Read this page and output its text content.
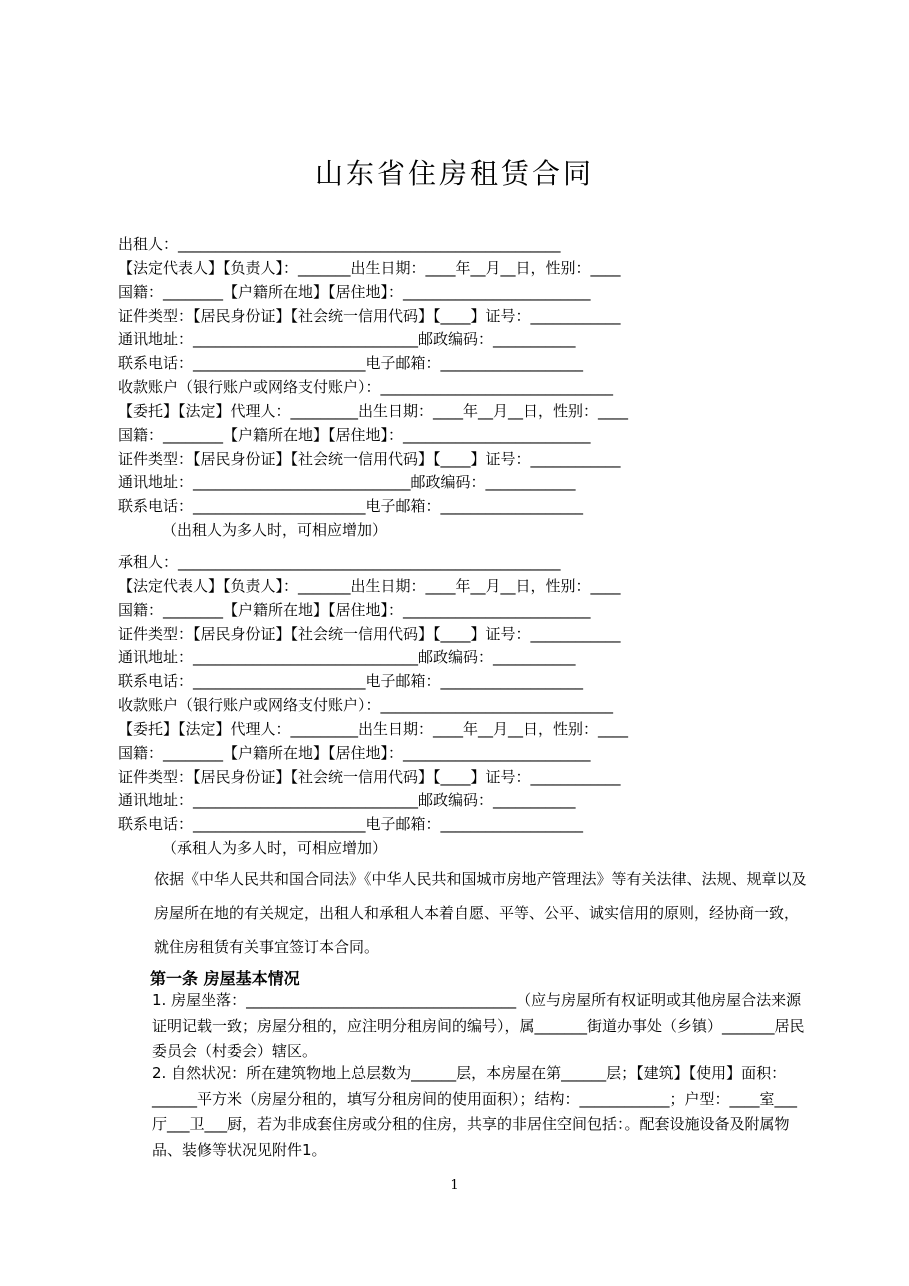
山东省住房租赁合同
出租人：___________________________________________________
【法定代表人】【负责人】：_______出生日期：____年__月__日，性别：____
国籍：________【户籍所在地】【居住地】：_________________________
证件类型：【居民身份证】【社会统一信用代码】【____】证号：____________
通讯地址：______________________________邮政编码：___________
联系电话：_______________________电子邮箱：___________________
收款账户（银行账户或网络支付账户）：_______________________________
【委托】【法定】代理人：_________出生日期：____年__月__日，性别：____
国籍：________【户籍所在地】【居住地】：_________________________
证件类型：【居民身份证】【社会统一信用代码】【____】证号：____________
通讯地址：_____________________________邮政编码：____________
联系电话：_______________________电子邮箱：___________________
（出租人为多人时，可相应增加）
承租人：___________________________________________________
【法定代表人】【负责人】：_______出生日期：____年__月__日，性别：____
国籍：________【户籍所在地】【居住地】：_________________________
证件类型：【居民身份证】【社会统一信用代码】【____】证号：____________
通讯地址：______________________________邮政编码：___________
联系电话：_______________________电子邮箱：___________________
收款账户（银行账户或网络支付账户）：_______________________________
【委托】【法定】代理人：_________出生日期：____年__月__日，性别：____
国籍：________【户籍所在地】【居住地】：_________________________
证件类型：【居民身份证】【社会统一信用代码】【____】证号：____________
通讯地址：______________________________邮政编码：___________
联系电话：_______________________电子邮箱：___________________
（承租人为多人时，可相应增加）
依据《中华人民共和国合同法》《中华人民共和国城市房地产管理法》等有关法律、法规、规章以及房屋所在地的有关规定，出租人和承租人本着自愿、平等、公平、诚实信用的原则，经协商一致，就住房租赁有关事宜签订本合同。
第一条 房屋基本情况
1. 房屋坐落：____________________________________（应与房屋所有权证明或其他房屋合法来源证明记载一致；房屋分租的，应注明分租房间的编号），属_______街道办事处（乡镇）_______居民委员会（村委会）辖区。
2. 自然状况：所在建筑物地上总层数为______层，本房屋在第______层；【建筑】【使用】面积：______平方米（房屋分租的，填写分租房间的使用面积）；结构：____________；户型：____室___厅___卫___厨，若为非成套住房或分租的住房，共享的非居住空间包括：。配套设施设备及附属物品、装修等状况见附件1。
1
